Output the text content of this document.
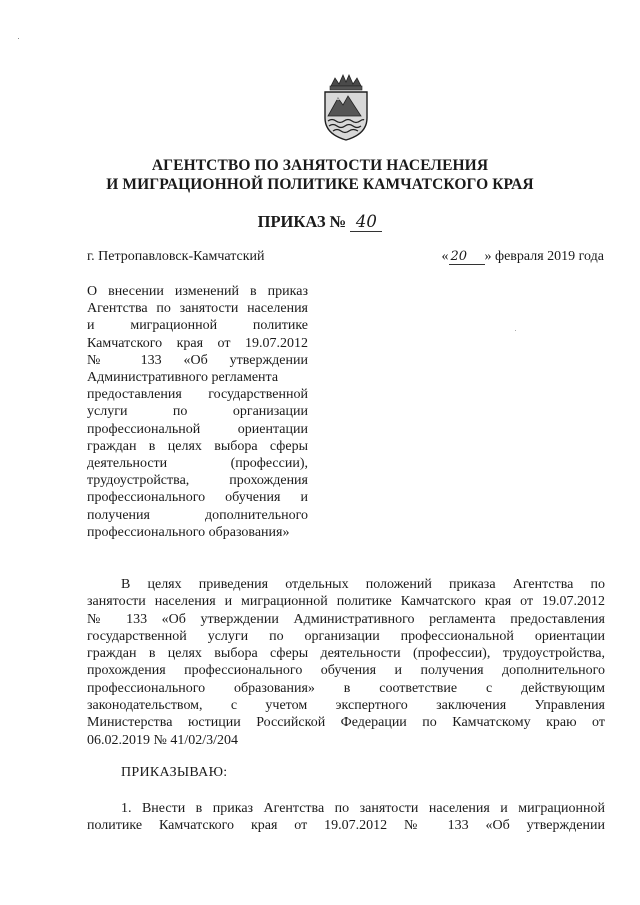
АГЕНТСТВО ПО ЗАНЯТОСТИ НАСЕЛЕНИЯ
И МИГРАЦИОННОЙ ПОЛИТИКЕ КАМЧАТСКОГО КРАЯ
ПРИКАЗ № 40
г. Петропавловск-Камчатский	« 20 » февраля 2019 года
О внесении изменений в приказ
Агентства по занятости населения
и миграционной политике
Камчатского края от 19.07.2012
№ 133 «Об утверждении
Административного регламента
предоставления государственной
услуги по организации
профессиональной ориентации
граждан в целях выбора сферы
деятельности (профессии),
трудоустройства, прохождения
профессионального обучения и
получения дополнительного
профессионального образования»
В целях приведения отдельных положений приказа Агентства по
занятости населения и миграционной политике Камчатского края от 19.07.2012
№ 133 «Об утверждении Административного регламента предоставления
государственной услуги по организации профессиональной ориентации
граждан в целях выбора сферы деятельности (профессии), трудоустройства,
прохождения профессионального обучения и получения дополнительного
профессионального образования» в соответствие с действующим
законодательством, с учетом экспертного заключения Управления
Министерства юстиции Российской Федерации по Камчатскому краю от
06.02.2019 № 41/02/3/204
ПРИКАЗЫВАЮ:
1. Внести в приказ Агентства по занятости населения и миграционной
политике Камчатского края от 19.07.2012 № 133 «Об утверждении
